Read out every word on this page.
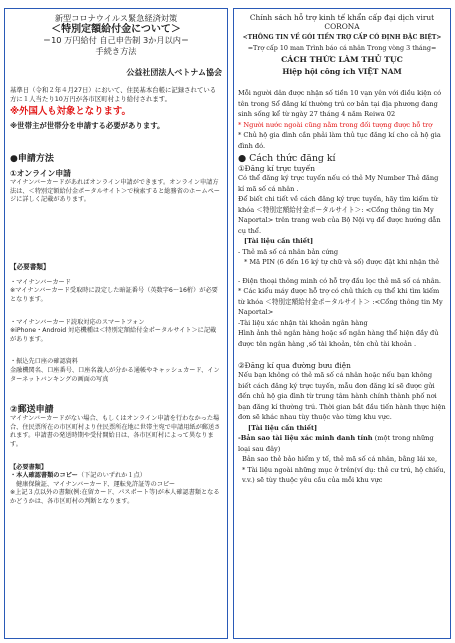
新型コロナウイルス緊急経済対策
＜特別定額給付金について＞
＝10 万円給付 自己申告制 3か月以内＝
手続き方法
公益社団法人ベトナム協会
基準日（令和２年４月27日）において、住民基本台帳に記録されている方に１人当たり10万円が各市区町村より給付されます。
※外国人も対象となります。
※世帯主が世帯分を申請する必要があります。
●申請方法
①オンライン申請
マイナンバーカードがあればオンライン申請ができます。オンライン申請方法は、＜特別定額給付金ポータルサイト＞で検索すると総務省のホームページに詳しく記載があります。
【必要書類】
・マイナンバーカード
※マイナンバーカード受取時に設定した暗証番号（英数字6～16桁）が必要となります。
・マイナンバーカード読取対応のスマートフォン
※iPhone・Android 対応機種は＜特別定額給付金ポータルサイト＞に記載があります。
・振込先口座の確認資料
金融機関名、口座番号、口座名義人が分かる通帳やキャッシュカード、インターネットバンキングの画面の写真
②郵送申請
マイナンバーカードがない場合、もしくはオンライン申請を行わなかった場合、住民票所在の市区町村より住民票所在地に世帯主宛で申請用紙が郵送されます。申請書の発送時期や受付開始日は、各市区町村によって異なります。
【必要書類】
・本人確認書類のコピー（下記のいずれか１点）
健康保険証、マイナンバーカード、運転免許証等のコピー
※上記３点以外の書類(例:在留カード、パスポート等)が本人確認書類となるかどうかは、各市区町村の判断となります。
Chính sách hỗ trợ kinh tế khẩn cấp đại dịch virut CORONA
<THÔNG TIN VỀ GÓI TIỀN TRỢ CẤP CÓ ĐỊNH ĐẶC BIỆT>
=Trợ cấp 10 man Trình báo cá nhân Trong vòng 3 tháng=
CÁCH THỨC LÀM THỦ TỤC
Hiệp hội công ích VIỆT NAM
Mỗi người dân được nhận số tiền 10 vạn yên với điều kiện có tên trong Sổ đăng kí thường trú cơ bản tại địa phương đang sinh sống kể từ ngày 27 tháng 4 năm Reiwa 02
* Người nước ngoài cũng nằm trong đối tượng được hỗ trợ
* Chủ hộ gia đình cần phải làm thủ tục đăng kí cho cả hộ gia đình đó.
● Cách thức đăng kí
①Đăng kí trực tuyến
Có thể đăng ký trực tuyến nếu có thẻ My Number Thẻ đăng kí mã số cá nhân .
Để biết chi tiết về cách đăng ký trực tuyến, hãy tìm kiếm từ khóa ＜特別定額給付金ポータルサイト＞: <Cổng thông tin My Naportal> trên trang web của Bộ Nội vụ để được hướng dẫn cụ thể.
[Tài liệu cần thiết]
- Thẻ mã số cá nhân bản cứng
* Mã PIN (6 đến 16 ký tự chữ và số) được đặt khi nhận thẻ
- Điện thoại thông minh có hỗ trợ đầu lọc thẻ mã số cá nhân.
* Các kiểu máy được hỗ trợ có chủ thích cụ thể khi tìm kiếm từ khóa ＜特別定額給付金ポータルサイト＞ :<Cổng thông tin My Naportal>
-Tài liệu xác nhận tài khoản ngân hàng
Hình ảnh thẻ ngân hàng hoặc sổ ngân hàng thể hiện đầy đủ được tên ngân hàng ,số tài khoản, tên chủ tài khoản .
②Đăng kí qua đường bưu điện
Nếu bạn không có thẻ mã số cá nhân hoặc nếu bạn không biết cách đăng ký trực tuyến, mẫu đơn đăng kí sẽ được gửi đến chủ hộ gia đình từ trung tâm hành chính thành phố nơi bạn đăng kí thường trú. Thời gian bắt đầu tiến hành thực hiện đơn sẽ khác nhau tùy thuộc vào từng khu vực.
[Tài liệu cần thiết]
-Bản sao tài liệu xác minh danh tính (một trong những loại sau đây)
Bản sao thẻ bảo hiểm y tế, thẻ mã số cá nhân, bằng lái xe,
* Tài liệu ngoài những mục ở trên(ví dụ: thẻ cư trú, hộ chiếu, v.v.) sẽ tùy thuộc yêu cầu của mỗi khu vực
